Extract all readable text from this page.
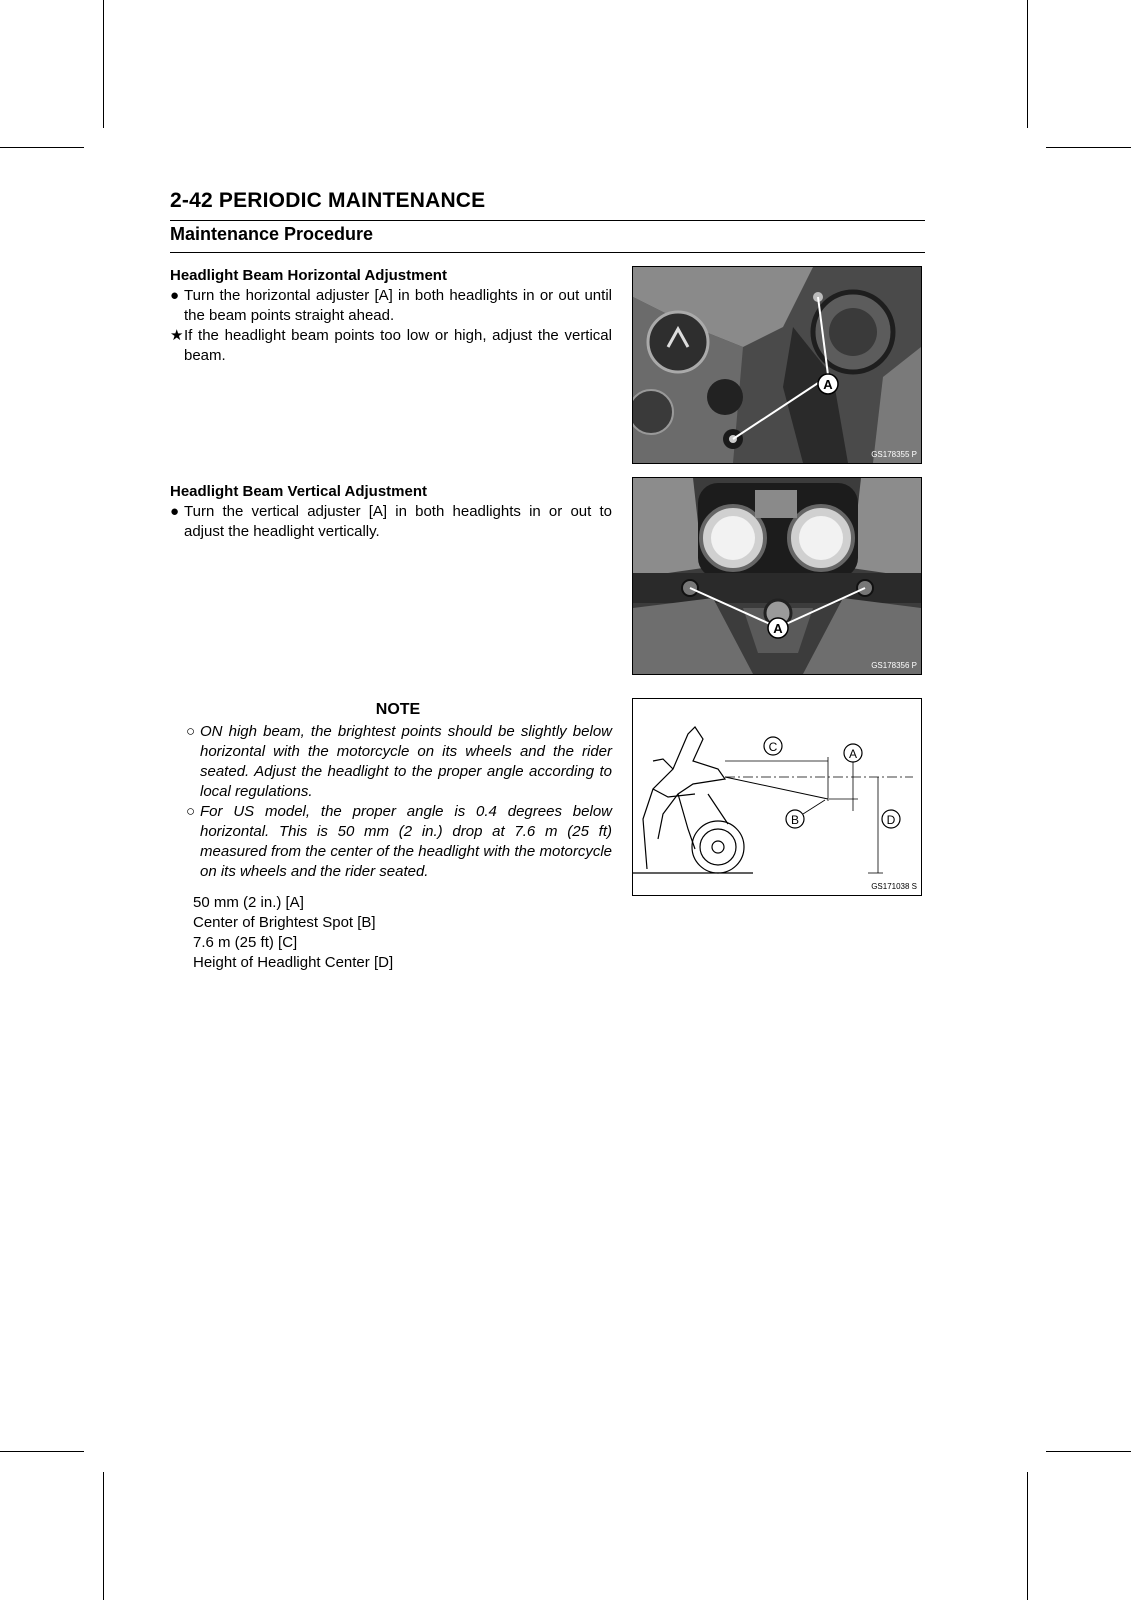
2-42 PERIODIC MAINTENANCE
Maintenance Procedure
Headlight Beam Horizontal Adjustment
● Turn the horizontal adjuster [A] in both headlights in or out until the beam points straight ahead.
★ If the headlight beam points too low or high, adjust the vertical beam.
A
GS178355 P
Headlight Beam Vertical Adjustment
● Turn the vertical adjuster [A] in both headlights in or out to adjust the headlight vertically.
A
GS178356 P
NOTE
○ ON high beam, the brightest points should be slightly below horizontal with the motorcycle on its wheels and the rider seated. Adjust the headlight to the proper angle according to local regulations.
○ For US model, the proper angle is 0.4 degrees below horizontal. This is 50 mm (2 in.) drop at 7.6 m (25 ft) measured from the center of the headlight with the motorcycle on its wheels and the rider seated.
C	A
B	D
GS171038 S
50 mm (2 in.) [A]
Center of Brightest Spot [B]
7.6 m (25 ft) [C]
Height of Headlight Center [D]
